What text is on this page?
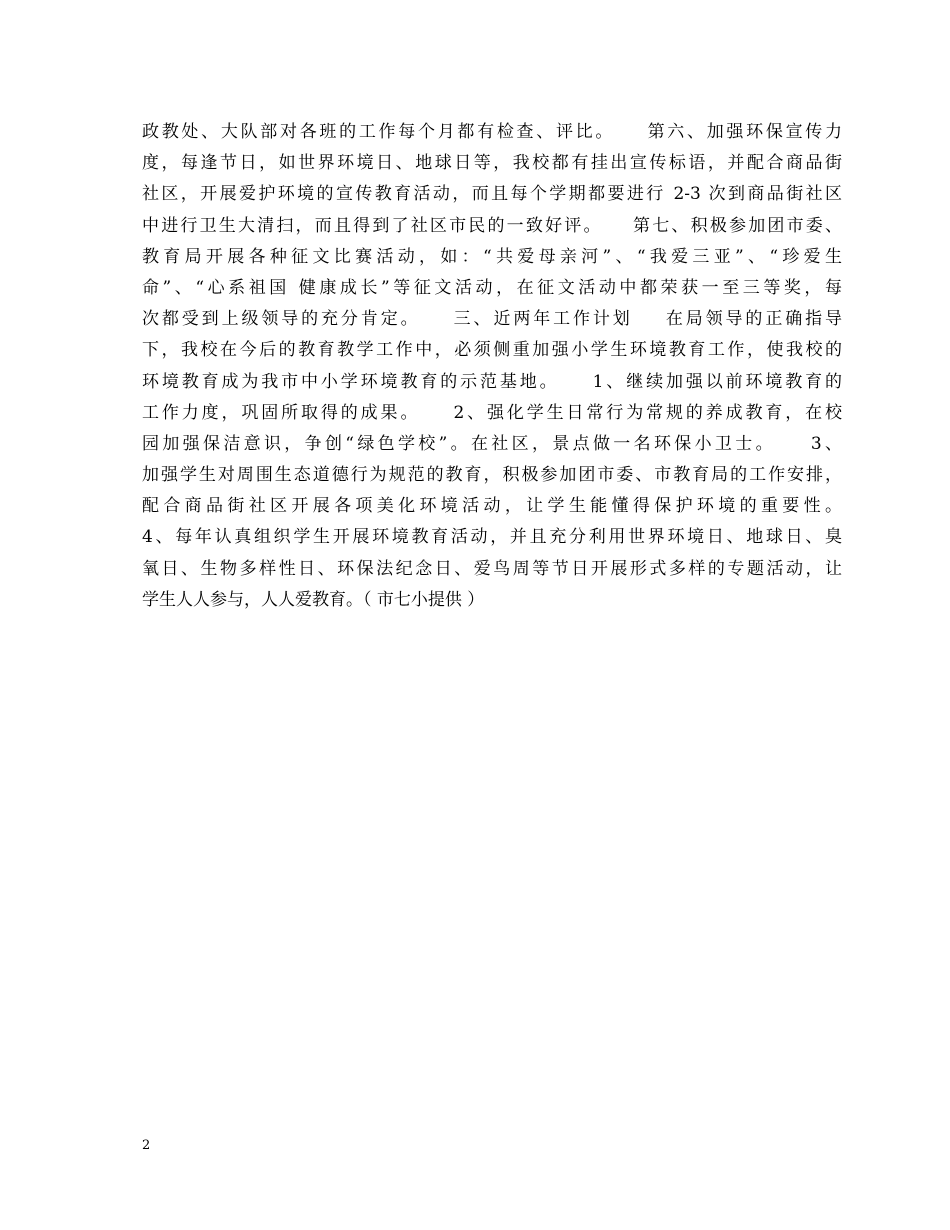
政教处、大队部对各班的工作每个月都有检查、评比。    第六、加强环保宣传力
度，每逢节日，如世界环境日、地球日等，我校都有挂出宣传标语，并配合商品街
社区，开展爱护环境的宣传教育活动，而且每个学期都要进行 2-3 次到商品街社区
中进行卫生大清扫，而且得到了社区市民的一致好评。    第七、积极参加团市委、
教育局开展各种征文比赛活动，如：“共爱母亲河”、“我爱三亚”、“珍爱生
命”、“心系祖国 健康成长”等征文活动，在征文活动中都荣获一至三等奖，每
次都受到上级领导的充分肯定。    三、近两年工作计划    在局领导的正确指导
下，我校在今后的教育教学工作中，必须侧重加强小学生环境教育工作，使我校的
环境教育成为我市中小学环境教育的示范基地。    1、继续加强以前环境教育的
工作力度，巩固所取得的成果。    2、强化学生日常行为常规的养成教育，在校
园加强保洁意识，争创“绿色学校”。在社区，景点做一名环保小卫士。    3、
加强学生对周围生态道德行为规范的教育，积极参加团市委、市教育局的工作安排，
配合商品街社区开展各项美化环境活动，让学生能懂得保护环境的重要性。
4、每年认真组织学生开展环境教育活动，并且充分利用世界环境日、地球日、臭
氧日、生物多样性日、环保法纪念日、爱鸟周等节日开展形式多样的专题活动，让
学生人人参与，人人爱教育。（ 市七小提供 ）
2
